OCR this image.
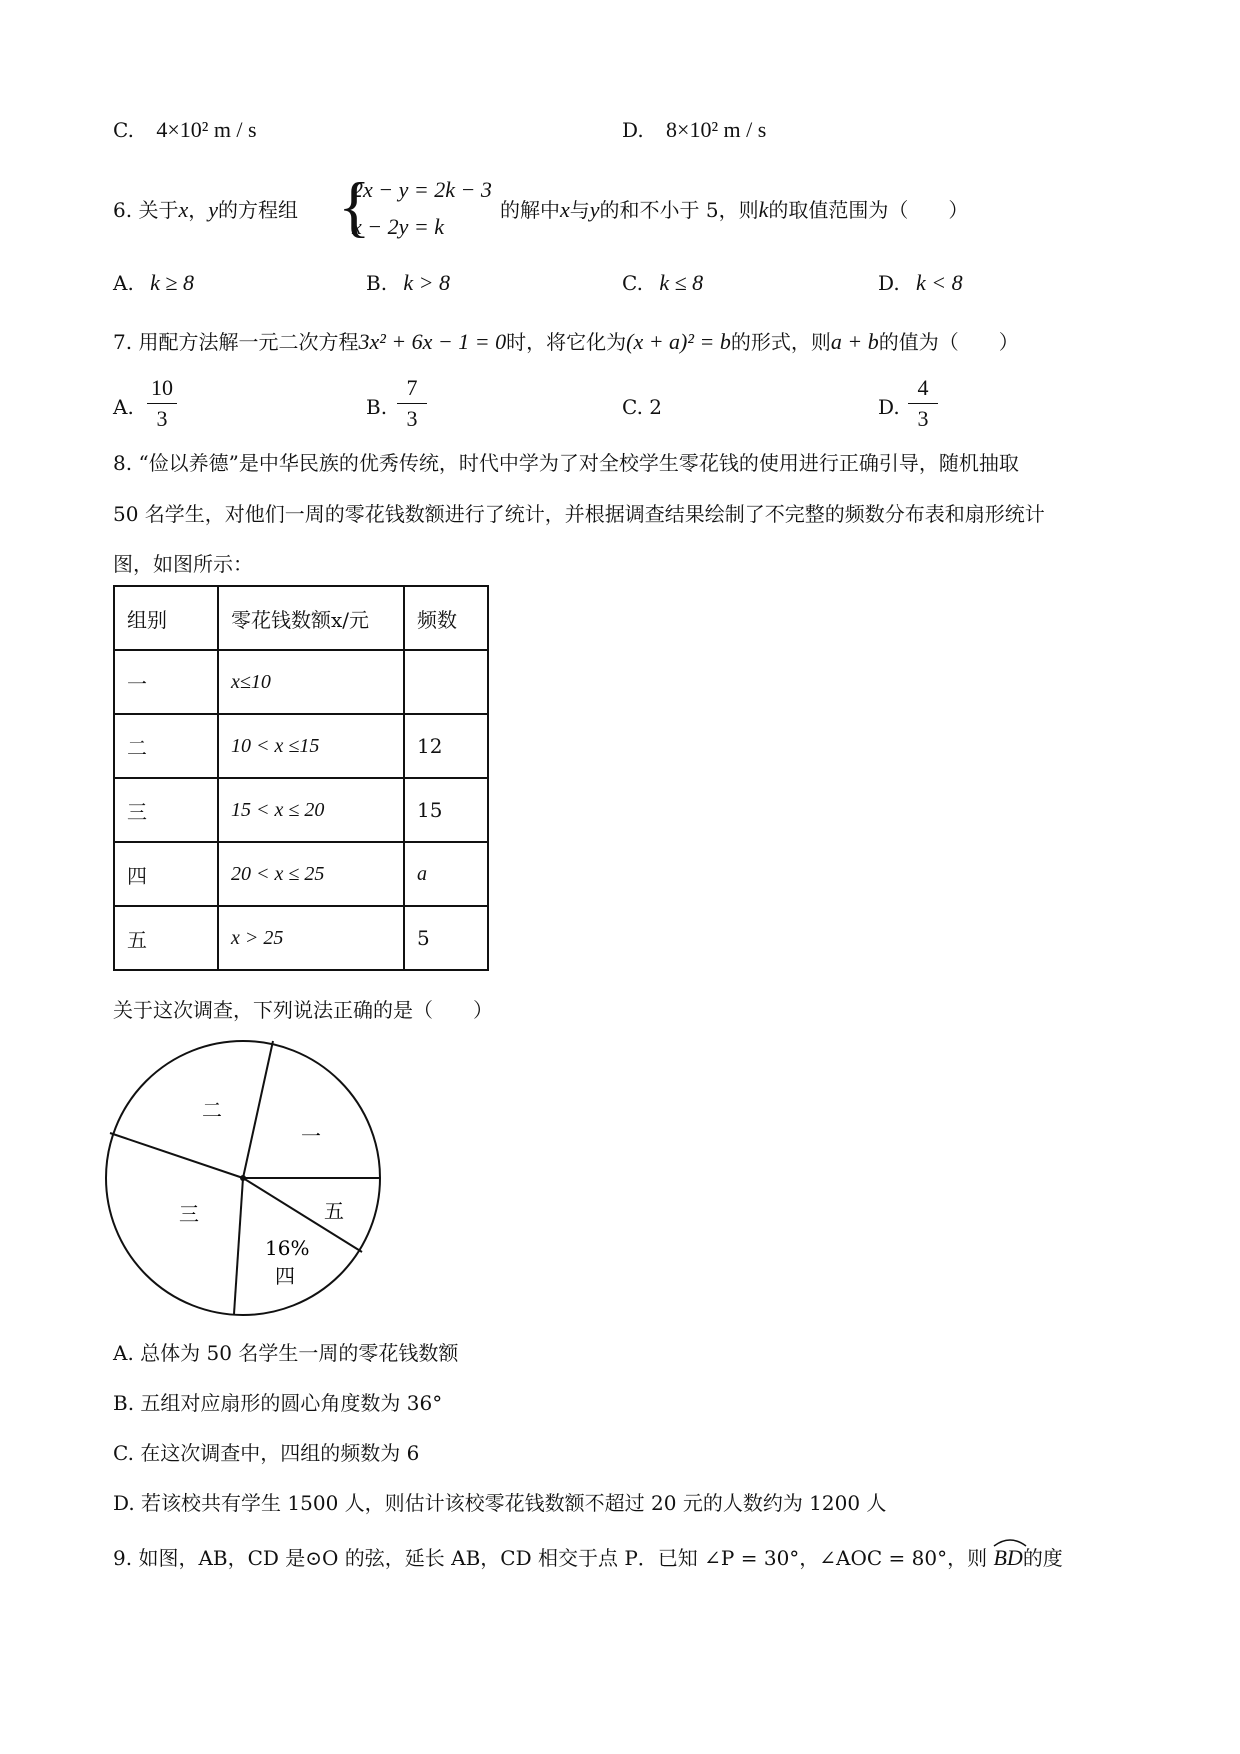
C. 4×10² m / s	D. 8×10² m / s
6. 关于x，y的方程组 {
2x − y = 2k − 3
x − 2y = k
的解中x与y的和不小于 5，则k的取值范围为（　　）
A. k ≥ 8	B. k > 8	C. k ≤ 8	D. k < 8
7. 用配方法解一元二次方程3x² + 6x − 1 = 0时，将它化为(x + a)² = b的形式，则a + b的值为（　　）
A.
10
3	B.
7
3	C. 2	D.
4
3
8. “俭以养德”是中华民族的优秀传统，时代中学为了对全校学生零花钱的使用进行正确引导，随机抽取
50 名学生，对他们一周的零花钱数额进行了统计，并根据调查结果绘制了不完整的频数分布表和扇形统计
图，如图所示：
组别	零花钱数额x/元	频数
一	x≤10	
二	10 < x ≤15	12
三	15 < x ≤ 20	15
四	20 < x ≤ 25	a
五	x > 25	5
关于这次调查，下列说法正确的是（　　）
二
一
五
三
16%
四
A. 总体为 50 名学生一周的零花钱数额
B. 五组对应扇形的圆心角度数为 36°
C. 在这次调查中，四组的频数为 6
D. 若该校共有学生 1500 人，则估计该校零花钱数额不超过 20 元的人数约为 1200 人
9. 如图，AB，CD 是⊙O 的弦，延长 AB，CD 相交于点 P．已知 ∠P = 30°，∠AOC = 80°，则 BD的度
